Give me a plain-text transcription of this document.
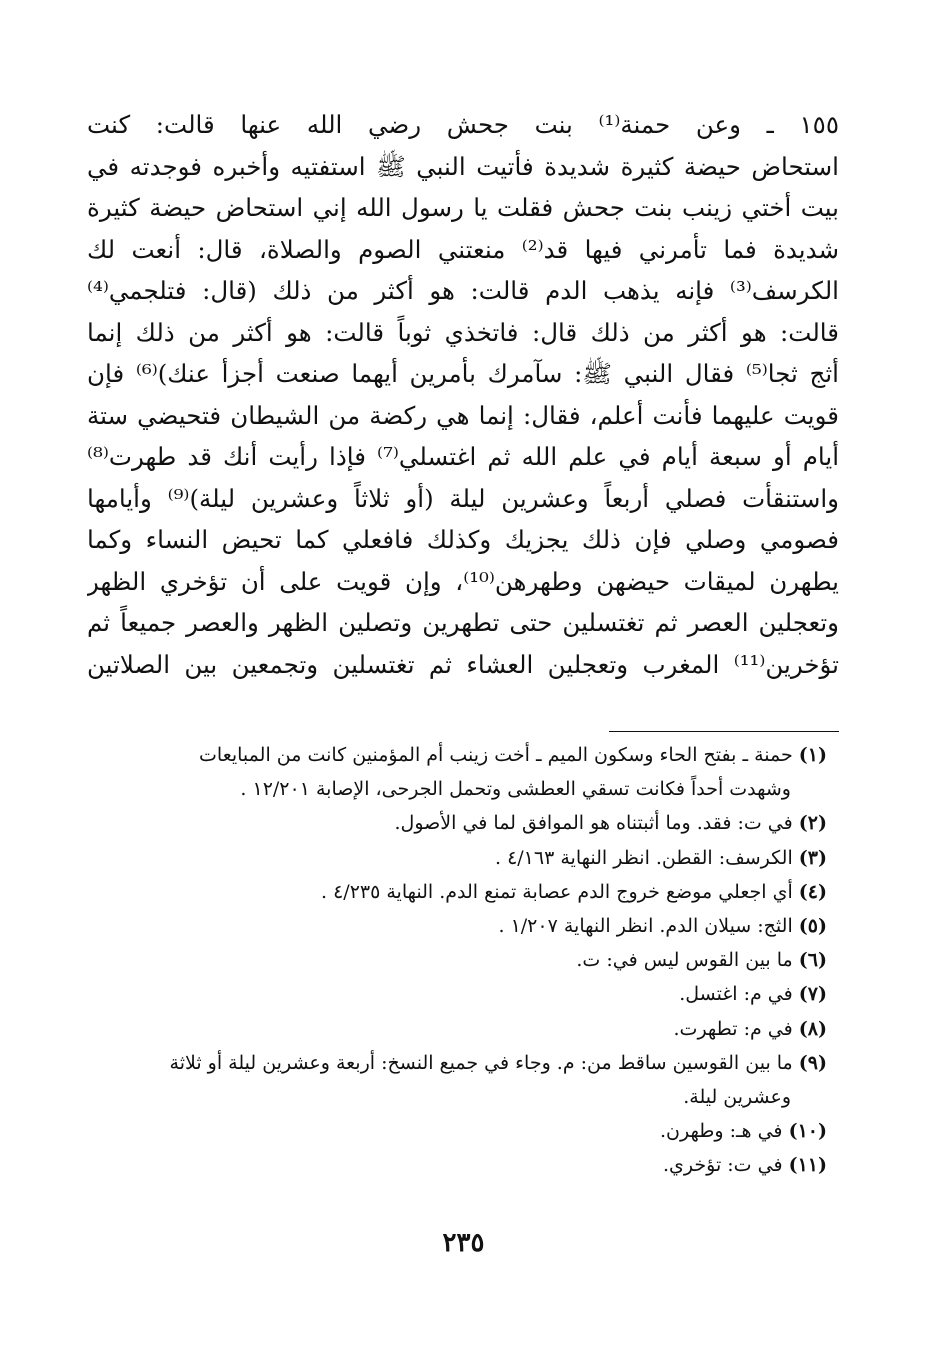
١٥٥ ـ وعن حمنة⁽¹⁾ بنت جحش رضي الله عنها قالت: كنت
استحاض حيضة كثيرة شديدة فأتيت النبي ﷺ استفتيه وأخبره فوجدته في
بيت أختي زينب بنت جحش فقلت يا رسول الله إني استحاض حيضة كثيرة
شديدة فما تأمرني فيها قد⁽²⁾ منعتني الصوم والصلاة، قال: أنعت لك
الكرسف⁽³⁾ فإنه يذهب الدم قالت: هو أكثر من ذلك (قال: فتلجمي⁽⁴⁾
قالت: هو أكثر من ذلك قال: فاتخذي ثوباً قالت: هو أكثر من ذلك إنما
أثج ثجا⁽⁵⁾ فقال النبي ﷺ: سآمرك بأمرين أيهما صنعت أجزأ عنك)⁽⁶⁾ فإن
قويت عليهما فأنت أعلم، فقال: إنما هي ركضة من الشيطان فتحيضي ستة
أيام أو سبعة أيام في علم الله ثم اغتسلي⁽⁷⁾ فإذا رأيت أنك قد طهرت⁽⁸⁾
واستنقأت فصلي أربعاً وعشرين ليلة (أو ثلاثاً وعشرين ليلة)⁽⁹⁾ وأيامها
فصومي وصلي فإن ذلك يجزيك وكذلك فافعلي كما تحيض النساء وكما
يطهرن لميقات حيضهن وطهرهن⁽¹⁰⁾، وإن قويت على أن تؤخري الظهر
وتعجلين العصر ثم تغتسلين حتى تطهرين وتصلين الظهر والعصر جميعاً ثم
تؤخرين⁽¹¹⁾ المغرب وتعجلين العشاء ثم تغتسلين وتجمعين بين الصلاتين
(١) حمنة ـ بفتح الحاء وسكون الميم ـ أخت زينب أم المؤمنين كانت من المبايعات
وشهدت أحداً فكانت تسقي العطشى وتحمل الجرحى، الإصابة ١٢/٢٠١ .
(٢) في ت: فقد. وما أثبتناه هو الموافق لما في الأصول.
(٣) الكرسف: القطن. انظر النهاية ٤/١٦٣ .
(٤) أي اجعلي موضع خروج الدم عصابة تمنع الدم. النهاية ٤/٢٣٥ .
(٥) الثج: سيلان الدم. انظر النهاية ١/٢٠٧ .
(٦) ما بين القوس ليس في: ت.
(٧) في م: اغتسل.
(٨) في م: تطهرت.
(٩) ما بين القوسين ساقط من: م. وجاء في جميع النسخ: أربعة وعشرين ليلة أو ثلاثة
وعشرين ليلة.
(١٠) في هـ: وطهرن.
(١١) في ت: تؤخري.
٢٣٥
